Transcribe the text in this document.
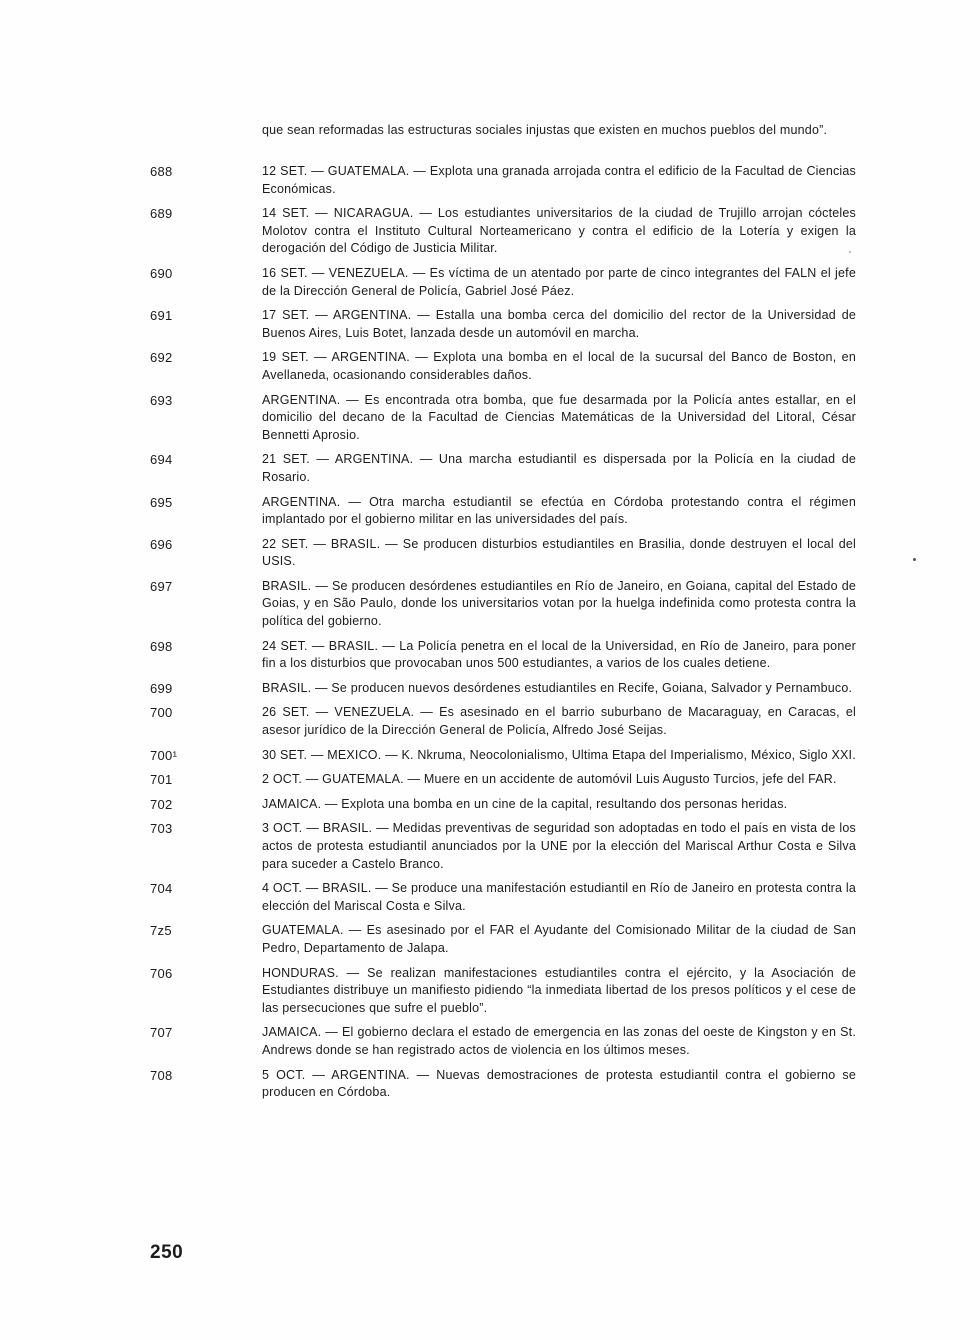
que sean reformadas las estructuras sociales injustas que existen en muchos pueblos del mundo”.
688	12 SET. — GUATEMALA. — Explota una granada arrojada contra el edificio de la Facultad de Ciencias Económicas.
689	14 SET. — NICARAGUA. — Los estudiantes universitarios de la ciudad de Trujillo arrojan cócteles Molotov contra el Instituto Cultural Norteamericano y contra el edificio de la Lotería y exigen la derogación del Código de Justicia Militar.
690	16 SET. — VENEZUELA. — Es víctima de un atentado por parte de cinco integrantes del FALN el jefe de la Dirección General de Policía, Gabriel José Páez.
691	17 SET. — ARGENTINA. — Estalla una bomba cerca del domicilio del rector de la Universidad de Buenos Aires, Luis Botet, lanzada desde un automóvil en marcha.
692	19 SET. — ARGENTINA. — Explota una bomba en el local de la sucursal del Banco de Boston, en Avellaneda, ocasionando considerables daños.
693	ARGENTINA. — Es encontrada otra bomba, que fue desarmada por la Policía antes estallar, en el domicilio del decano de la Facultad de Ciencias Matemáticas de la Universidad del Litoral, César Bennetti Aprosio.
694	21 SET. — ARGENTINA. — Una marcha estudiantil es dispersada por la Policía en la ciudad de Rosario.
695	ARGENTINA. — Otra marcha estudiantil se efectúa en Córdoba protestando contra el régimen implantado por el gobierno militar en las universidades del país.
696	22 SET. — BRASIL. — Se producen disturbios estudiantiles en Brasilia, donde destruyen el local del USIS.
697	BRASIL. — Se producen desórdenes estudiantiles en Río de Janeiro, en Goiana, capital del Estado de Goias, y en São Paulo, donde los universitarios votan por la huelga indefinida como protesta contra la política del gobierno.
698	24 SET. — BRASIL. — La Policía penetra en el local de la Universidad, en Río de Janeiro, para poner fin a los disturbios que provocaban unos 500 estudiantes, a varios de los cuales detiene.
699	BRASIL. — Se producen nuevos desórdenes estudiantiles en Recife, Goiana, Salvador y Pernambuco.
700	26 SET. — VENEZUELA. — Es asesinado en el barrio suburbano de Macaraguay, en Caracas, el asesor jurídico de la Dirección General de Policía, Alfredo José Seijas.
700¹	30 SET. — MEXICO. — K. Nkruma, Neocolonialismo, Ultima Etapa del Imperialismo, México, Siglo XXI.
701	2 OCT. — GUATEMALA. — Muere en un accidente de automóvil Luis Augusto Turcios, jefe del FAR.
702	JAMAICA. — Explota una bomba en un cine de la capital, resultando dos personas heridas.
703	3 OCT. — BRASIL. — Medidas preventivas de seguridad son adoptadas en todo el país en vista de los actos de protesta estudiantil anunciados por la UNE por la elección del Mariscal Arthur Costa e Silva para suceder a Castelo Branco.
704	4 OCT. — BRASIL. — Se produce una manifestación estudiantil en Río de Janeiro en protesta contra la elección del Mariscal Costa e Silva.
7z5	GUATEMALA. — Es asesinado por el FAR el Ayudante del Comisionado Militar de la ciudad de San Pedro, Departamento de Jalapa.
706	HONDURAS. — Se realizan manifestaciones estudiantiles contra el ejército, y la Asociación de Estudiantes distribuye un manifiesto pidiendo “la inmediata libertad de los presos políticos y el cese de las persecuciones que sufre el pueblo”.
707	JAMAICA. — El gobierno declara el estado de emergencia en las zonas del oeste de Kingston y en St. Andrews donde se han registrado actos de violencia en los últimos meses.
708	5 OCT. — ARGENTINA. — Nuevas demostraciones de protesta estudiantil contra el gobierno se producen en Córdoba.
250
